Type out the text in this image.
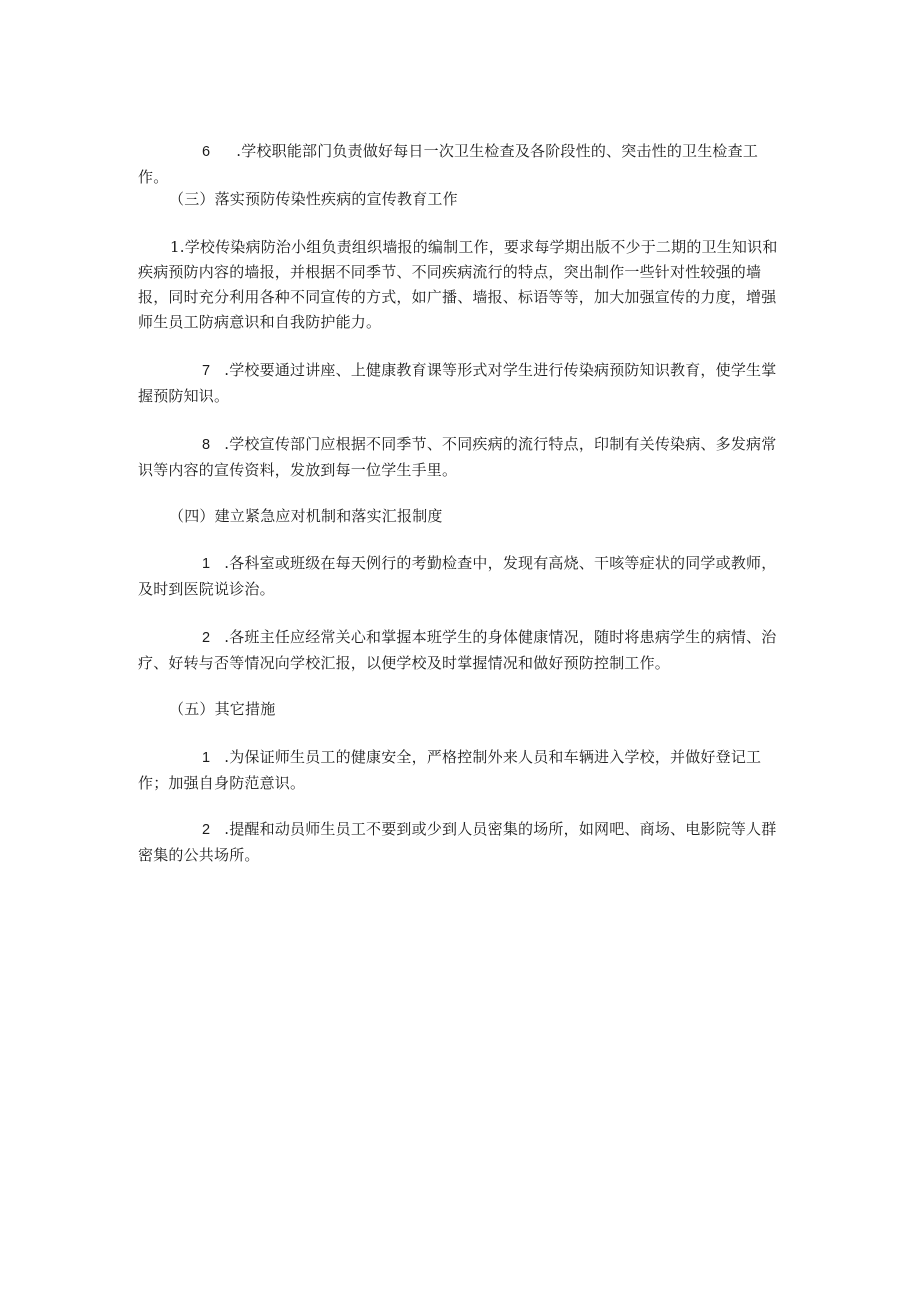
6 .学校职能部门负责做好每日一次卫生检查及各阶段性的、突击性的卫生检查工作。

（三）落实预防传染性疾病的宣传教育工作

1.学校传染病防治小组负责组织墙报的编制工作，要求每学期出版不少于二期的卫生知识和疾病预防内容的墙报，并根据不同季节、不同疾病流行的特点，突出制作一些针对性较强的墙报，同时充分利用各种不同宣传的方式，如广播、墙报、标语等等，加大加强宣传的力度，增强师生员工防病意识和自我防护能力。

7 .学校要通过讲座、上健康教育课等形式对学生进行传染病预防知识教育，使学生掌握预防知识。

8 .学校宣传部门应根据不同季节、不同疾病的流行特点，印制有关传染病、多发病常识等内容的宣传资料，发放到每一位学生手里。

（四）建立紧急应对机制和落实汇报制度

1 .各科室或班级在每天例行的考勤检查中，发现有高烧、干咳等症状的同学或教师，及时到医院说诊治。

2 .各班主任应经常关心和掌握本班学生的身体健康情况，随时将患病学生的病情、治疗、好转与否等情况向学校汇报，以便学校及时掌握情况和做好预防控制工作。

（五）其它措施

1 .为保证师生员工的健康安全，严格控制外来人员和车辆进入学校，并做好登记工作；加强自身防范意识。

2 .提醒和动员师生员工不要到或少到人员密集的场所，如网吧、商场、电影院等人群密集的公共场所。
